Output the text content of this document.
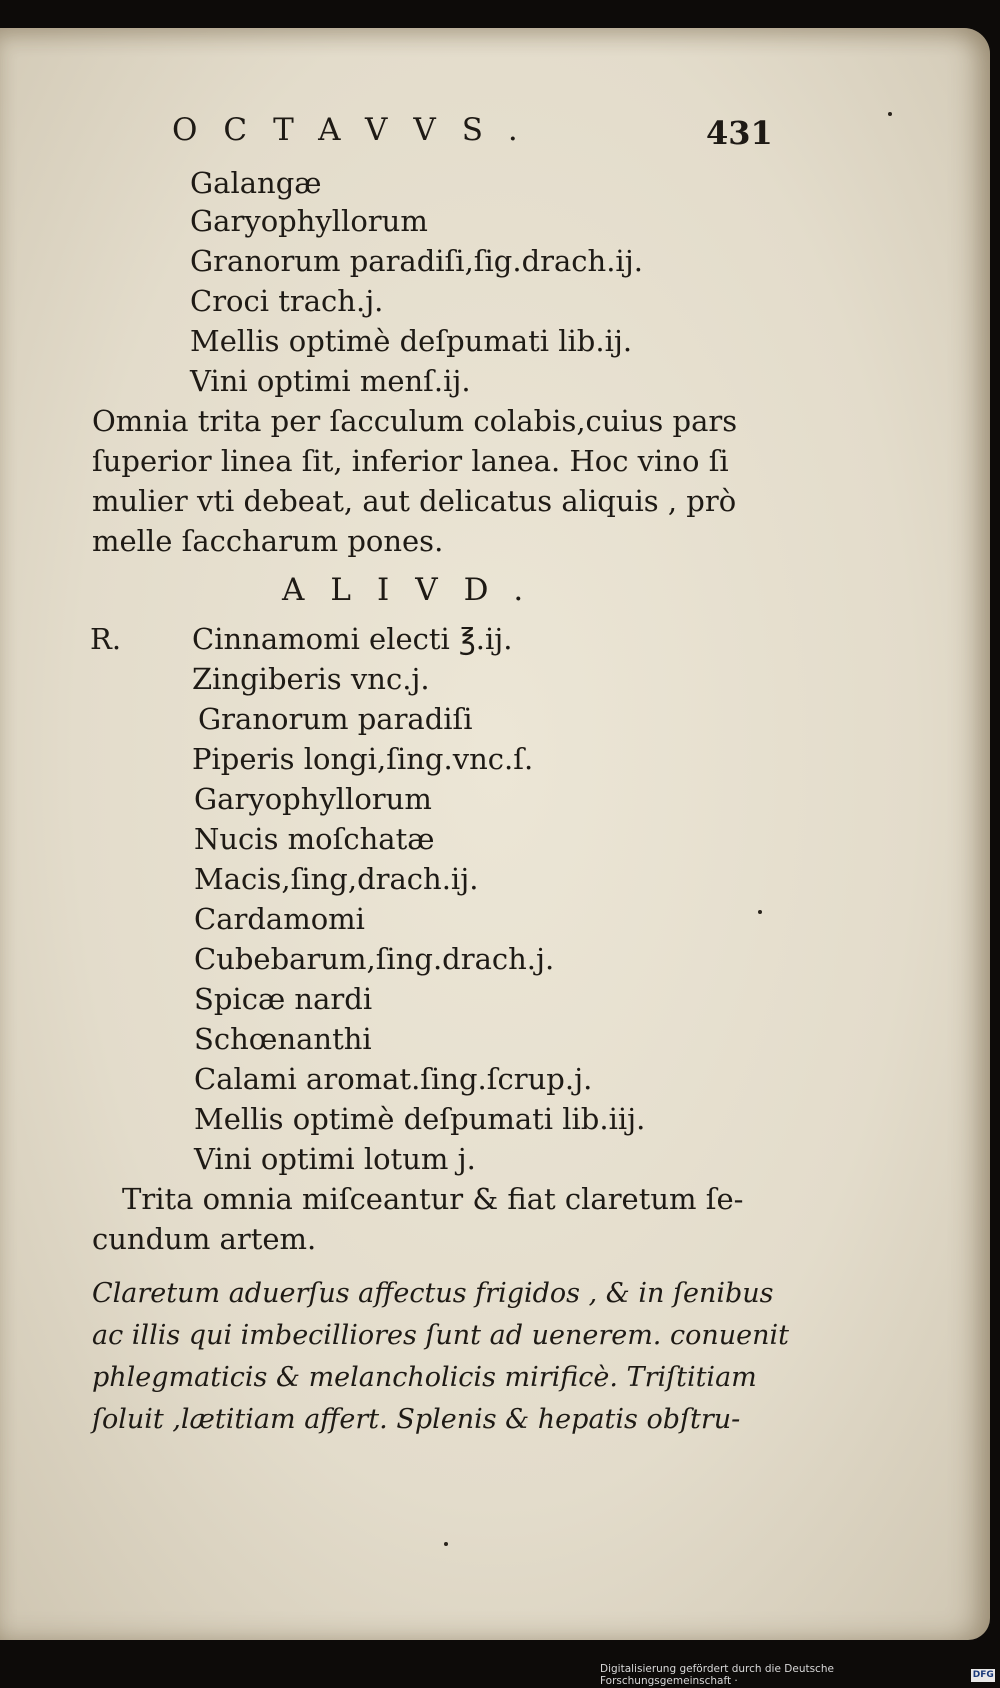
OCTAVVS.	431
Galangæ
Garyophyllorum
Granorum paradiſi,ſig.drach.ij.
Croci trach.j.
Mellis optimè deſpumati lib.ij.
Vini optimi menſ.ij.
Omnia trita per ſacculum colabis,cuius pars
ſuperior linea ſit, inferior lanea. Hoc vino ſi
mulier vti debeat, aut delicatus aliquis , prò
melle ſaccharum pones.
ALIVD.
R. Cinnamomi electi ℥.ij.
Zingiberis vnc.j.
Granorum paradiſi
Piperis longi,ſing.vnc.ſ.
Garyophyllorum
Nucis moſchatæ
Macis,ſing,drach.ij.
Cardamomi
Cubebarum,ſing.drach.j.
Spicæ nardi
Schœnanthi
Calami aromat.ſing.ſcrup.j.
Mellis optimè deſpumati lib.iij.
Vini optimi lotum j.
Trita omnia miſceantur & fiat claretum ſe-
cundum artem.
Claretum aduerſus affectus frigidos , & in ſenibus
ac illis qui imbecilliores ſunt ad uenerem. conuenit
phlegmaticis & melancholicis mirificè. Triſtitiam
ſoluit ,lætitiam affert. Splenis & hepatis obſtru-
Digitalisierung gefördert durch die Deutsche Forschungsgemeinschaft ·
DFG
